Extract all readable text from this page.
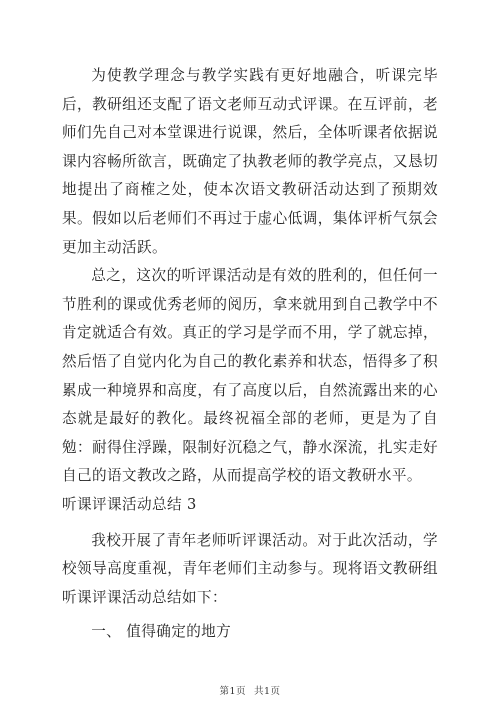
为使教学理念与教学实践有更好地融合，听课完毕后，教研组还支配了语文老师互动式评课。在互评前，老师们先自己对本堂课进行说课，然后，全体听课者依据说课内容畅所欲言，既确定了执教老师的教学亮点，又恳切地提出了商榷之处，使本次语文教研活动达到了预期效果。假如以后老师们不再过于虚心低调，集体评析气氛会更加主动活跃。

总之，这次的听评课活动是有效的胜利的，但任何一节胜利的课或优秀老师的阅历，拿来就用到自己教学中不肯定就适合有效。真正的学习是学而不用，学了就忘掉，然后悟了自觉内化为自己的教化素养和状态，悟得多了积累成一种境界和高度，有了高度以后，自然流露出来的心态就是最好的教化。最终祝福全部的老师，更是为了自勉：耐得住浮躁，限制好沉稳之气，静水深流，扎实走好自己的语文教改之路，从而提高学校的语文教研水平。

听课评课活动总结 3

我校开展了青年老师听评课活动。对于此次活动，学校领导高度重视，青年老师们主动参与。现将语文教研组听课评课活动总结如下：

一、 值得确定的地方

第1页 共1页
